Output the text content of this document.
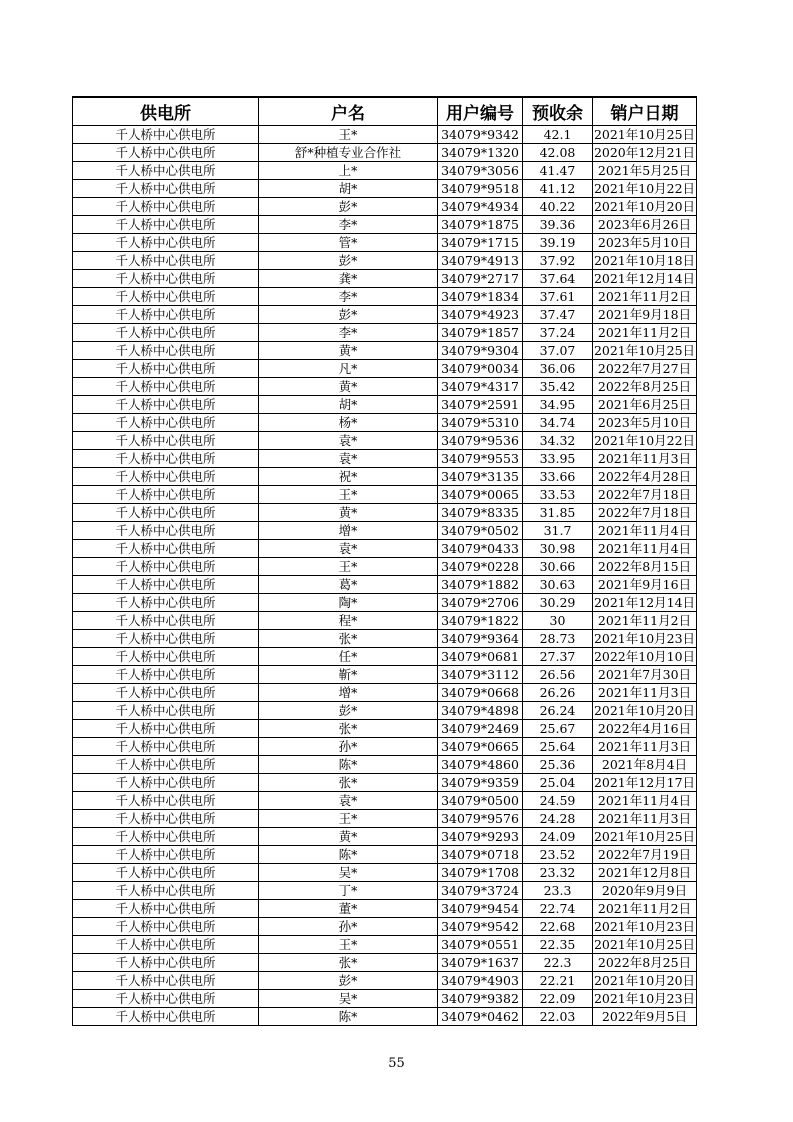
供电所	户名	用户编号	预收余	销户日期
千人桥中心供电所	王*	34079*9342	42.1	2021年10月25日
千人桥中心供电所	舒*种植专业合作社	34079*1320	42.08	2020年12月21日
千人桥中心供电所	上*	34079*3056	41.47	2021年5月25日
千人桥中心供电所	胡*	34079*9518	41.12	2021年10月22日
千人桥中心供电所	彭*	34079*4934	40.22	2021年10月20日
千人桥中心供电所	李*	34079*1875	39.36	2023年6月26日
千人桥中心供电所	管*	34079*1715	39.19	2023年5月10日
千人桥中心供电所	彭*	34079*4913	37.92	2021年10月18日
千人桥中心供电所	龚*	34079*2717	37.64	2021年12月14日
千人桥中心供电所	李*	34079*1834	37.61	2021年11月2日
千人桥中心供电所	彭*	34079*4923	37.47	2021年9月18日
千人桥中心供电所	李*	34079*1857	37.24	2021年11月2日
千人桥中心供电所	黄*	34079*9304	37.07	2021年10月25日
千人桥中心供电所	凡*	34079*0034	36.06	2022年7月27日
千人桥中心供电所	黄*	34079*4317	35.42	2022年8月25日
千人桥中心供电所	胡*	34079*2591	34.95	2021年6月25日
千人桥中心供电所	杨*	34079*5310	34.74	2023年5月10日
千人桥中心供电所	袁*	34079*9536	34.32	2021年10月22日
千人桥中心供电所	袁*	34079*9553	33.95	2021年11月3日
千人桥中心供电所	祝*	34079*3135	33.66	2022年4月28日
千人桥中心供电所	王*	34079*0065	33.53	2022年7月18日
千人桥中心供电所	黄*	34079*8335	31.85	2022年7月18日
千人桥中心供电所	增*	34079*0502	31.7	2021年11月4日
千人桥中心供电所	袁*	34079*0433	30.98	2021年11月4日
千人桥中心供电所	王*	34079*0228	30.66	2022年8月15日
千人桥中心供电所	葛*	34079*1882	30.63	2021年9月16日
千人桥中心供电所	陶*	34079*2706	30.29	2021年12月14日
千人桥中心供电所	程*	34079*1822	30	2021年11月2日
千人桥中心供电所	张*	34079*9364	28.73	2021年10月23日
千人桥中心供电所	任*	34079*0681	27.37	2022年10月10日
千人桥中心供电所	靳*	34079*3112	26.56	2021年7月30日
千人桥中心供电所	增*	34079*0668	26.26	2021年11月3日
千人桥中心供电所	彭*	34079*4898	26.24	2021年10月20日
千人桥中心供电所	张*	34079*2469	25.67	2022年4月16日
千人桥中心供电所	孙*	34079*0665	25.64	2021年11月3日
千人桥中心供电所	陈*	34079*4860	25.36	2021年8月4日
千人桥中心供电所	张*	34079*9359	25.04	2021年12月17日
千人桥中心供电所	袁*	34079*0500	24.59	2021年11月4日
千人桥中心供电所	王*	34079*9576	24.28	2021年11月3日
千人桥中心供电所	黄*	34079*9293	24.09	2021年10月25日
千人桥中心供电所	陈*	34079*0718	23.52	2022年7月19日
千人桥中心供电所	吴*	34079*1708	23.32	2021年12月8日
千人桥中心供电所	丁*	34079*3724	23.3	2020年9月9日
千人桥中心供电所	董*	34079*9454	22.74	2021年11月2日
千人桥中心供电所	孙*	34079*9542	22.68	2021年10月23日
千人桥中心供电所	王*	34079*0551	22.35	2021年10月25日
千人桥中心供电所	张*	34079*1637	22.3	2022年8月25日
千人桥中心供电所	彭*	34079*4903	22.21	2021年10月20日
千人桥中心供电所	吴*	34079*9382	22.09	2021年10月23日
千人桥中心供电所	陈*	34079*0462	22.03	2022年9月5日
55
